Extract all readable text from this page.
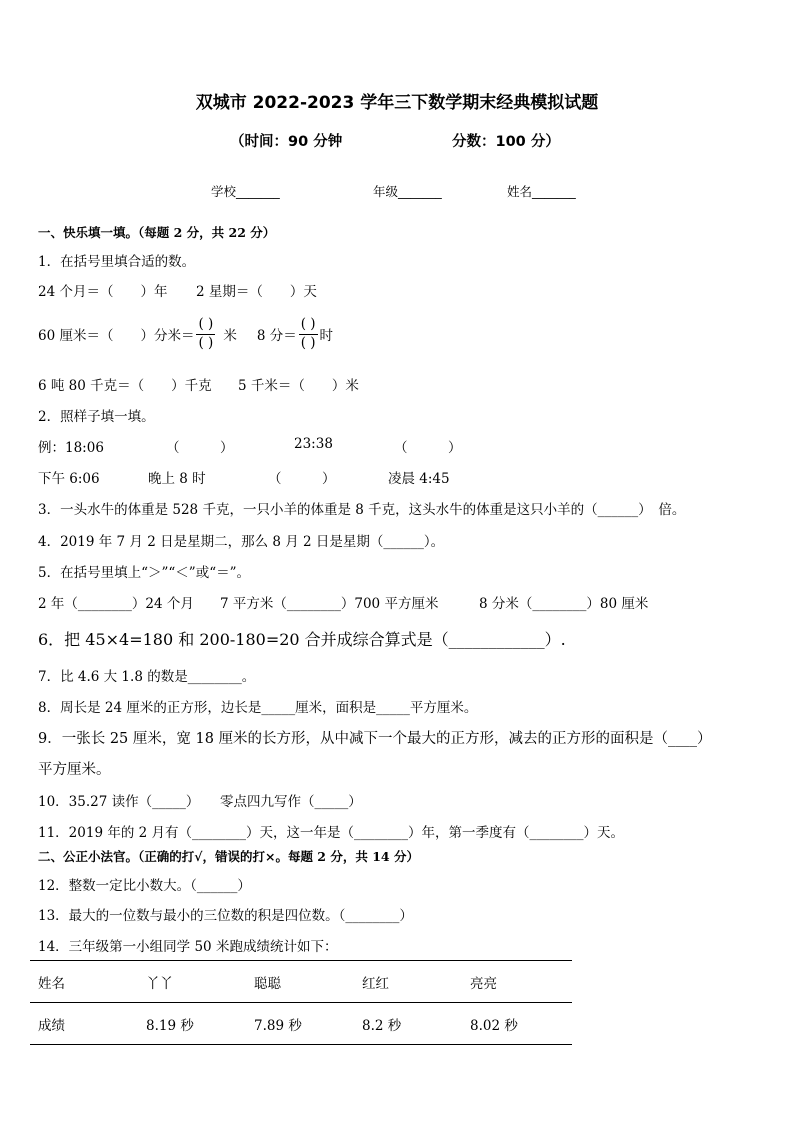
双城市 2022-2023 学年三下数学期末经典模拟试题
（时间：90 分钟	分数：100 分）
学校_______	年级_______	姓名_______
一、快乐填一填。（每题 2 分，共 22 分）
1．在括号里填合适的数。
24 个月＝（　　）年 2 星期＝（　　）天
60 厘米＝（　　）分米＝ $\frac{( )}{( )}$ 米 8 分＝ $\frac{( )}{( )}$ 时
6 吨 80 千克＝（　　）千克 5 千米＝（　　）米
2．照样子填一填。
例：18:06	（　　　）	23:38	（　　　）
下午 6:06	晚上 8 时	（　　　）	凌晨 4:45
3．一头水牛的体重是 528 千克，一只小羊的体重是 8 千克，这头水牛的体重是这只小羊的（______）　倍。
4．2019 年 7 月 2 日是星期二，那么 8 月 2 日是星期（______）。
5．在括号里填上“＞”“＜”或“＝”。
2 年（________）24 个月 7 平方米（________）700 平方厘米	8 分米（________）80 厘米
6．把 45×4=180 和 200-180=20 合并成综合算式是（____________）.
7．比 4.6 大 1.8 的数是________。
8．周长是 24 厘米的正方形，边长是_____厘米，面积是_____平方厘米。
9．一张长 25 厘米，宽 18 厘米的长方形，从中减下一个最大的正方形，减去的正方形的面积是（____）
平方厘米。
10．35.27 读作（_____） 零点四九写作（_____）
11．2019 年的 2 月有（________）天，这一年是（________）年，第一季度有（________）天。
二、公正小法官。（正确的打√，错误的打×。每题 2 分，共 14 分）
12．整数一定比小数大。（______）
13．最大的一位数与最小的三位数的积是四位数。（________）
14．三年级第一小组同学 50 米跑成绩统计如下：
姓名	丫丫	聪聪	红红	亮亮
成绩	8.19 秒	7.89 秒	8.2 秒	8.02 秒
